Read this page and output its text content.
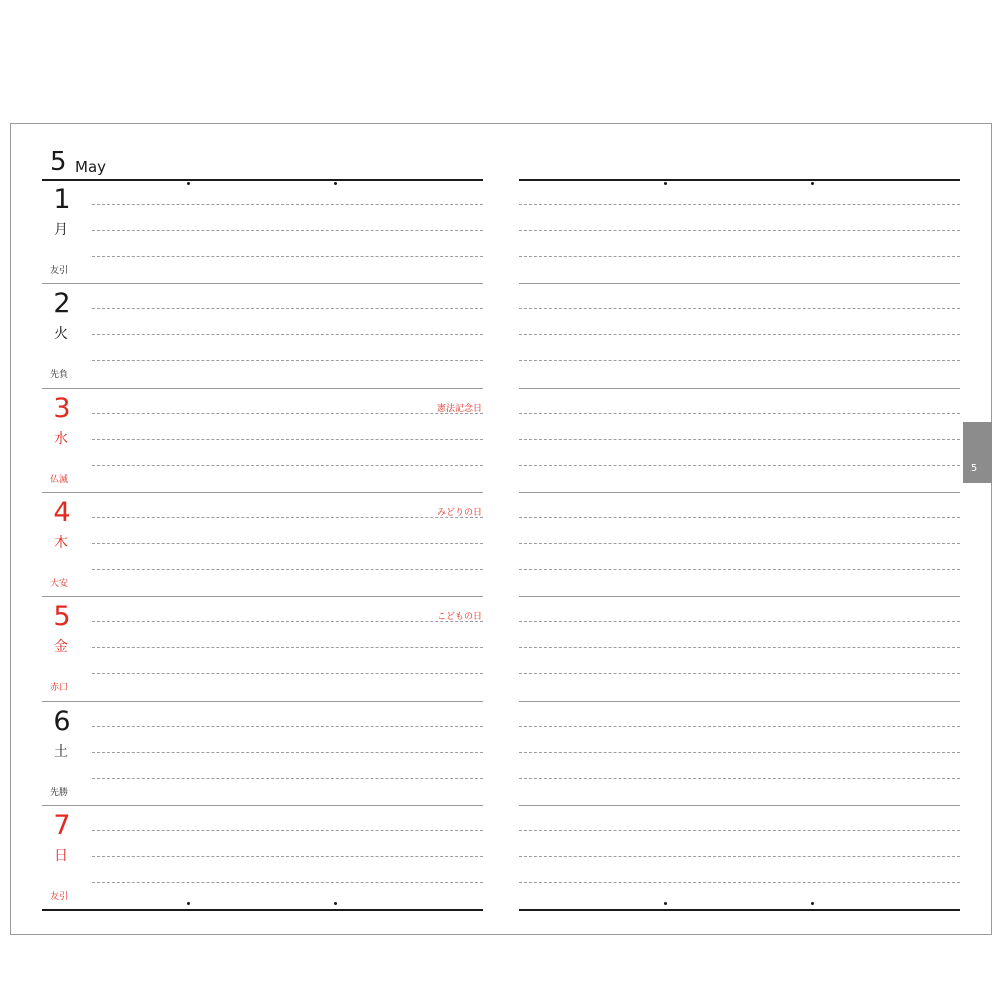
5 May
1
月
友引
2
火
先負
3
水
仏滅
憲法記念日
4
木
大安
みどりの日
5
金
赤口
こどもの日
6
土
先勝
7
日
友引
5
